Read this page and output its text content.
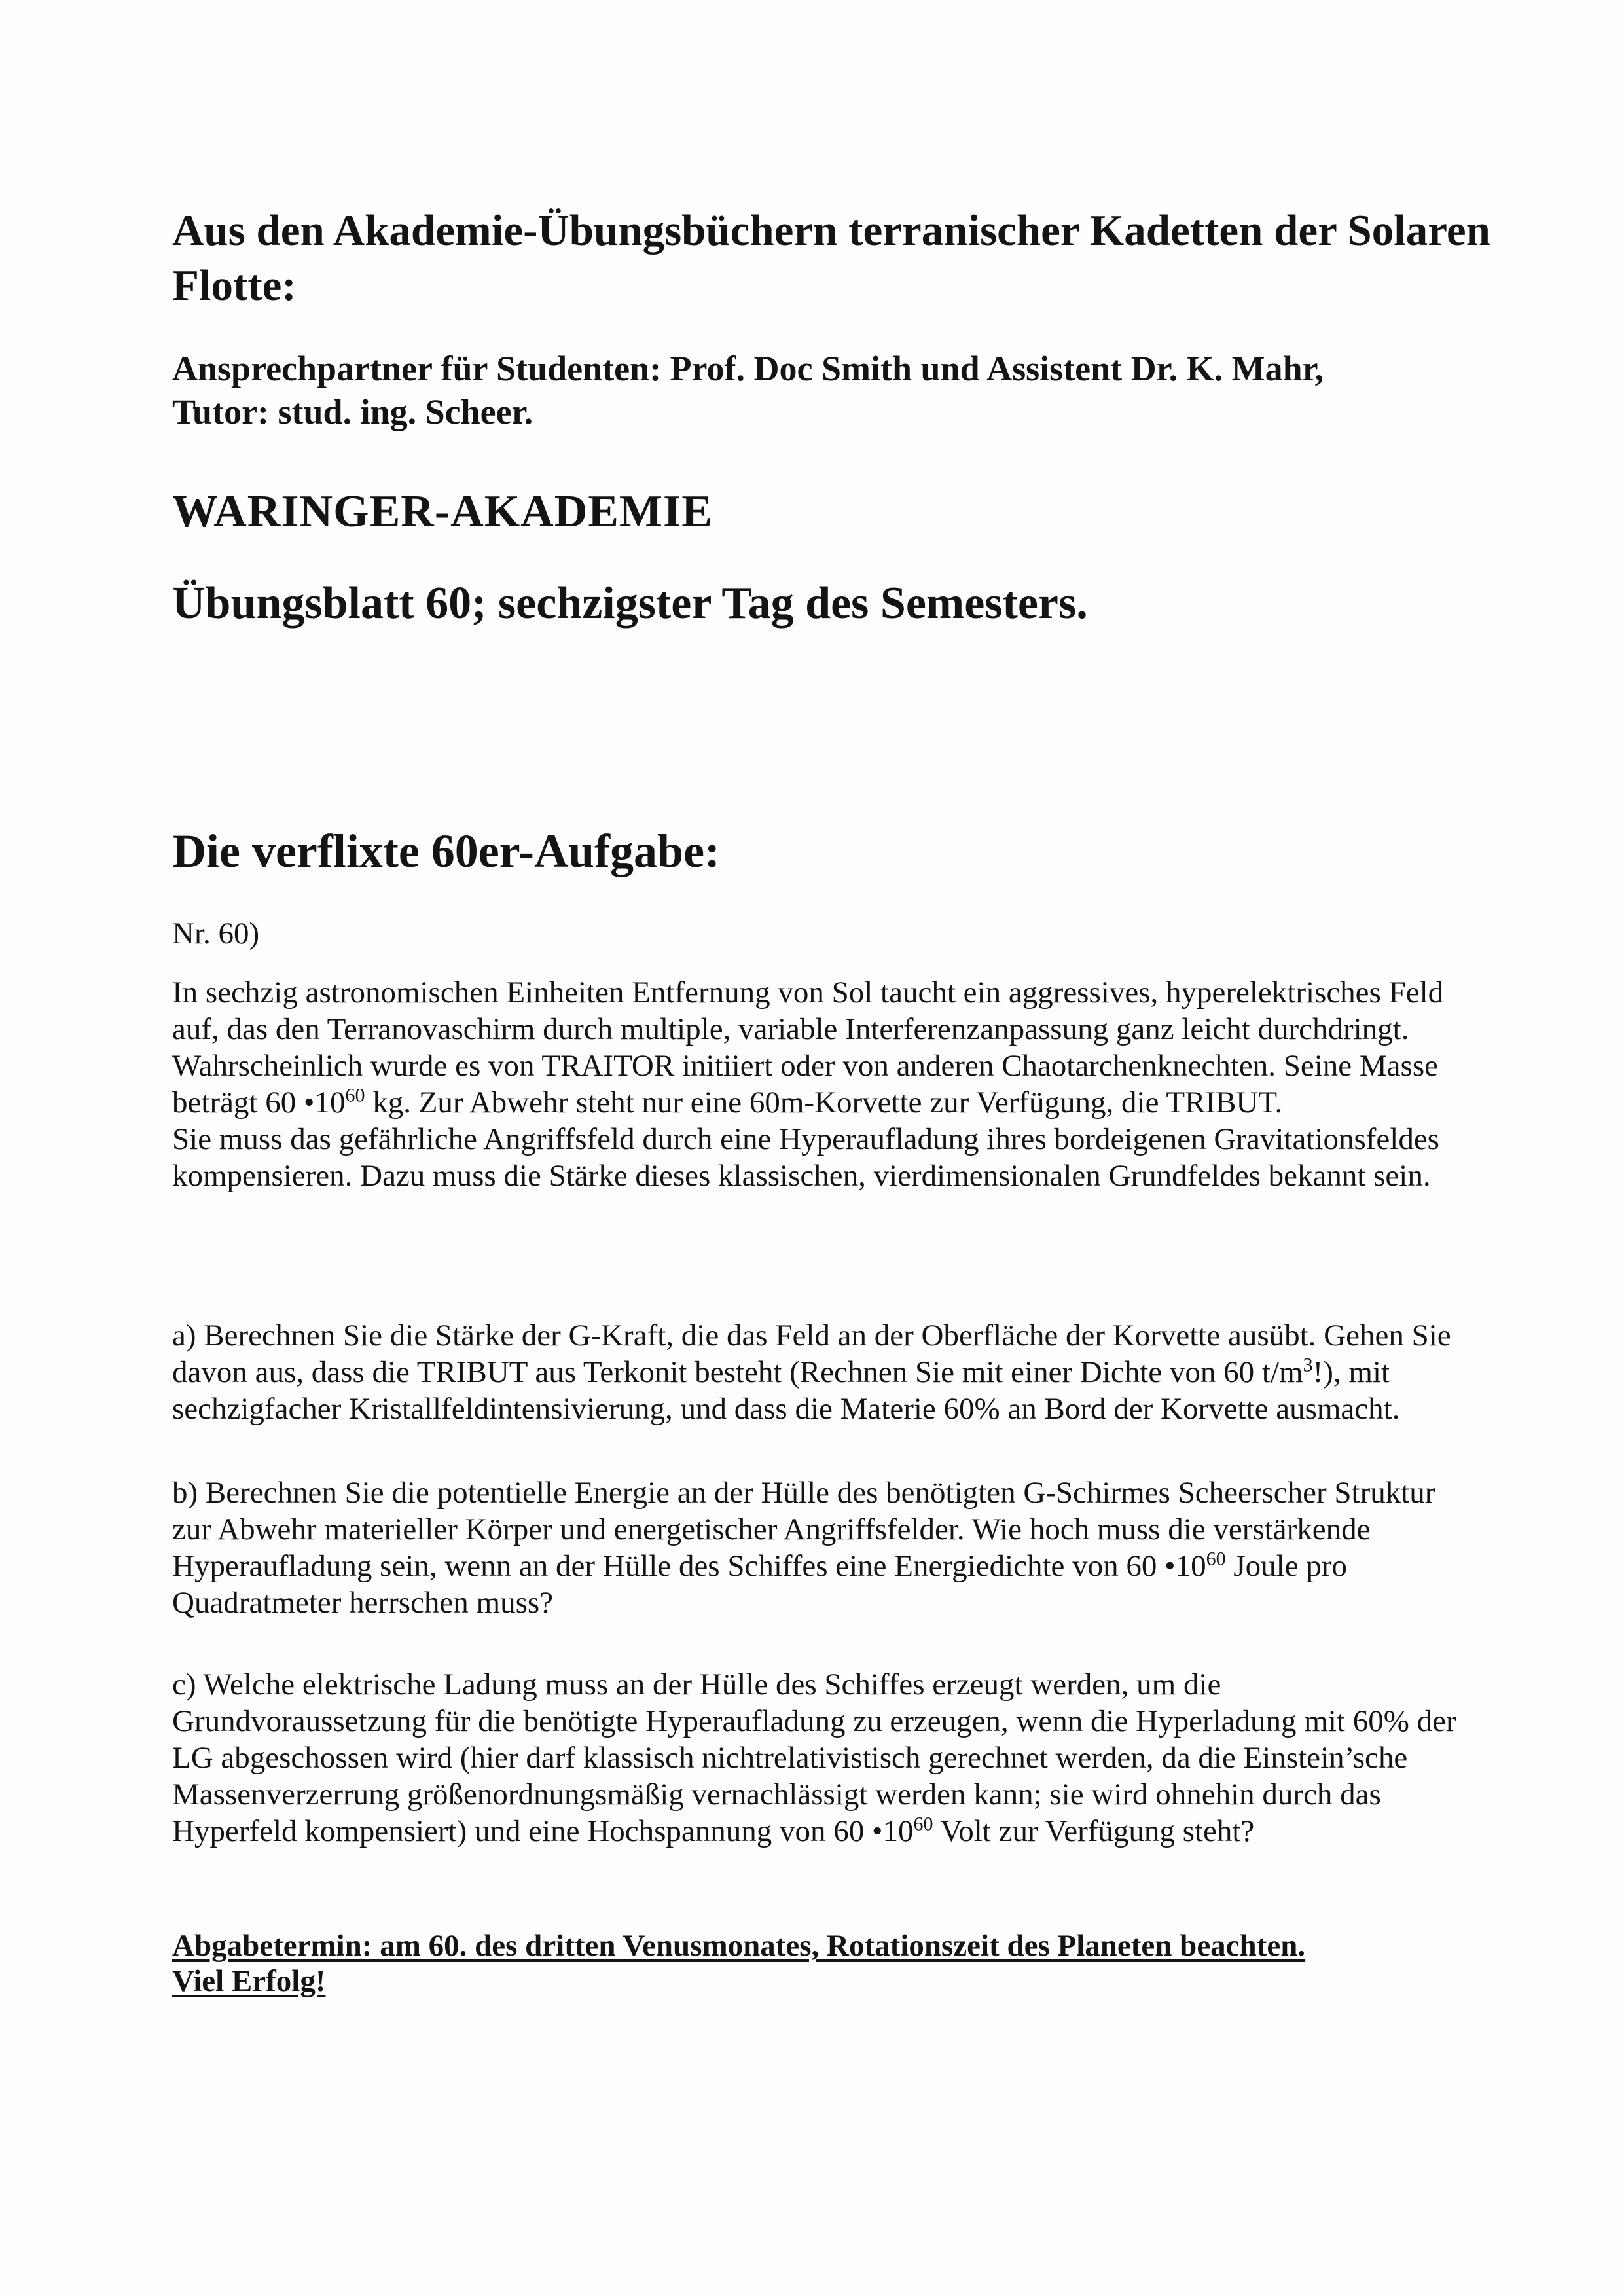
Aus den Akademie-Übungsbüchern terranischer Kadetten der Solaren Flotte:
Ansprechpartner für Studenten: Prof. Doc Smith und Assistent Dr. K. Mahr,
Tutor: stud. ing. Scheer.
WARINGER-AKADEMIE
Übungsblatt 60; sechzigster Tag des Semesters.
Die verflixte 60er-Aufgabe:
Nr. 60)

In sechzig astronomischen Einheiten Entfernung von Sol taucht ein aggressives, hyperelektrisches Feld auf, das den Terranovaschirm durch multiple, variable Interferenzanpassung ganz leicht durchdringt. Wahrscheinlich wurde es von TRAITOR initiiert oder von anderen Chaotarchenknechten. Seine Masse beträgt 60 $•10^{60}$ kg. Zur Abwehr steht nur eine 60m-Korvette zur Verfügung, die TRIBUT.

Sie muss das gefährliche Angriffsfeld durch eine Hyperaufladung ihres bordeigenen Gravitationsfeldes kompensieren. Dazu muss die Stärke dieses klassischen, vierdimensionalen Grundfeldes bekannt sein.

a) Berechnen Sie die Stärke der G-Kraft, die das Feld an der Oberfläche der Korvette ausübt. Gehen Sie davon aus, dass die TRIBUT aus Terkonit besteht (Rechnen Sie mit einer Dichte von 60 $t/m^3$!), mit sechzigfacher Kristallfeldintensivierung, und dass die Materie 60% an Bord der Korvette ausmacht.

b) Berechnen Sie die potentielle Energie an der Hülle des benötigten G-Schirmes Scheerscher Struktur zur Abwehr materieller Körper und energetischer Angriffsfelder. Wie hoch muss die verstärkende Hyperaufladung sein, wenn an der Hülle des Schiffes eine Energiedichte von 60 $•10^{60}$ Joule pro Quadratmeter herrschen muss?

c) Welche elektrische Ladung muss an der Hülle des Schiffes erzeugt werden, um die Grundvoraussetzung für die benötigte Hyperaufladung zu erzeugen, wenn die Hyperladung mit 60% der LG abgeschossen wird (hier darf klassisch nichtrelativistisch gerechnet werden, da die Einstein’sche Massenverzerrung größenordnungsmäßig vernachlässigt werden kann; sie wird ohnehin durch das Hyperfeld kompensiert) und eine Hochspannung von 60 $•10^{60}$ Volt zur Verfügung steht?

Abgabetermin: am 60. des dritten Venusmonates, Rotationszeit des Planeten beachten.
Viel Erfolg!
